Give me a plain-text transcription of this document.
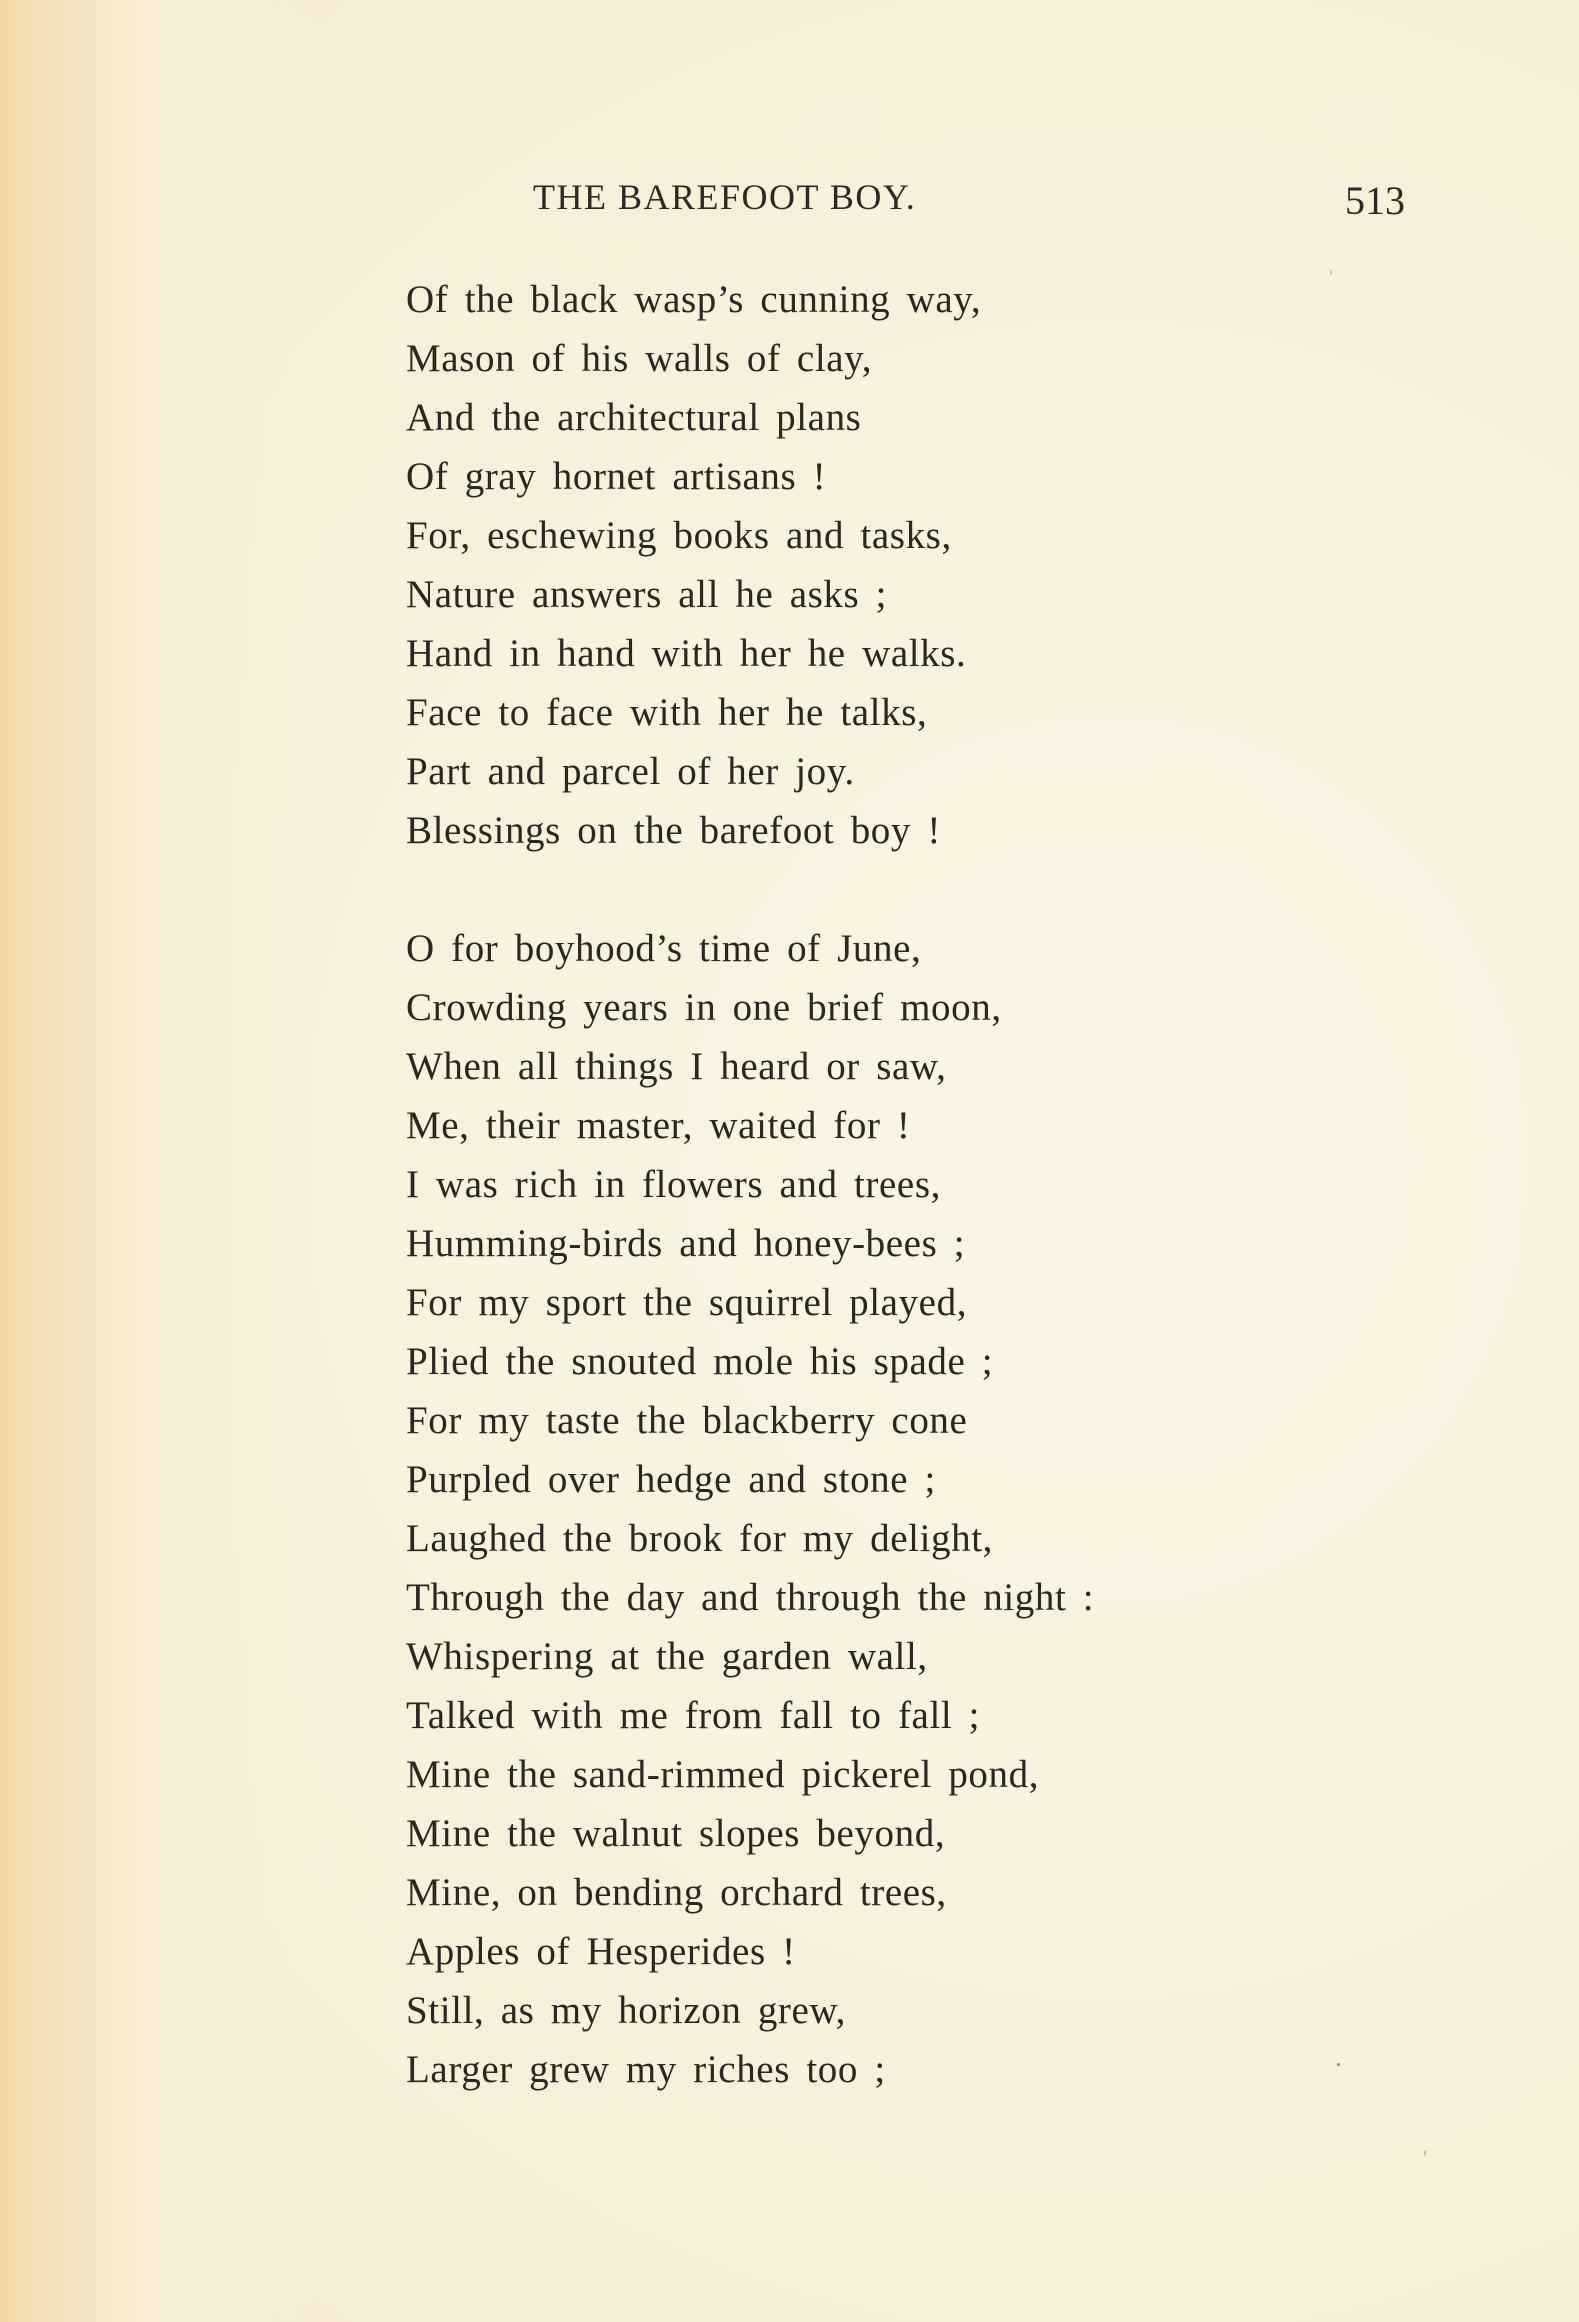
THE BAREFOOT BOY.	513
Of the black wasp’s cunning way,
Mason of his walls of clay,
And the architectural plans
Of gray hornet artisans !
For, eschewing books and tasks,
Nature answers all he asks ;
Hand in hand with her he walks.
Face to face with her he talks,
Part and parcel of her joy.
Blessings on the barefoot boy !
O for boyhood’s time of June,
Crowding years in one brief moon,
When all things I heard or saw,
Me, their master, waited for !
I was rich in flowers and trees,
Humming-birds and honey-bees ;
For my sport the squirrel played,
Plied the snouted mole his spade ;
For my taste the blackberry cone
Purpled over hedge and stone ;
Laughed the brook for my delight,
Through the day and through the night :
Whispering at the garden wall,
Talked with me from fall to fall ;
Mine the sand-rimmed pickerel pond,
Mine the walnut slopes beyond,
Mine, on bending orchard trees,
Apples of Hesperides !
Still, as my horizon grew,
Larger grew my riches too ;
